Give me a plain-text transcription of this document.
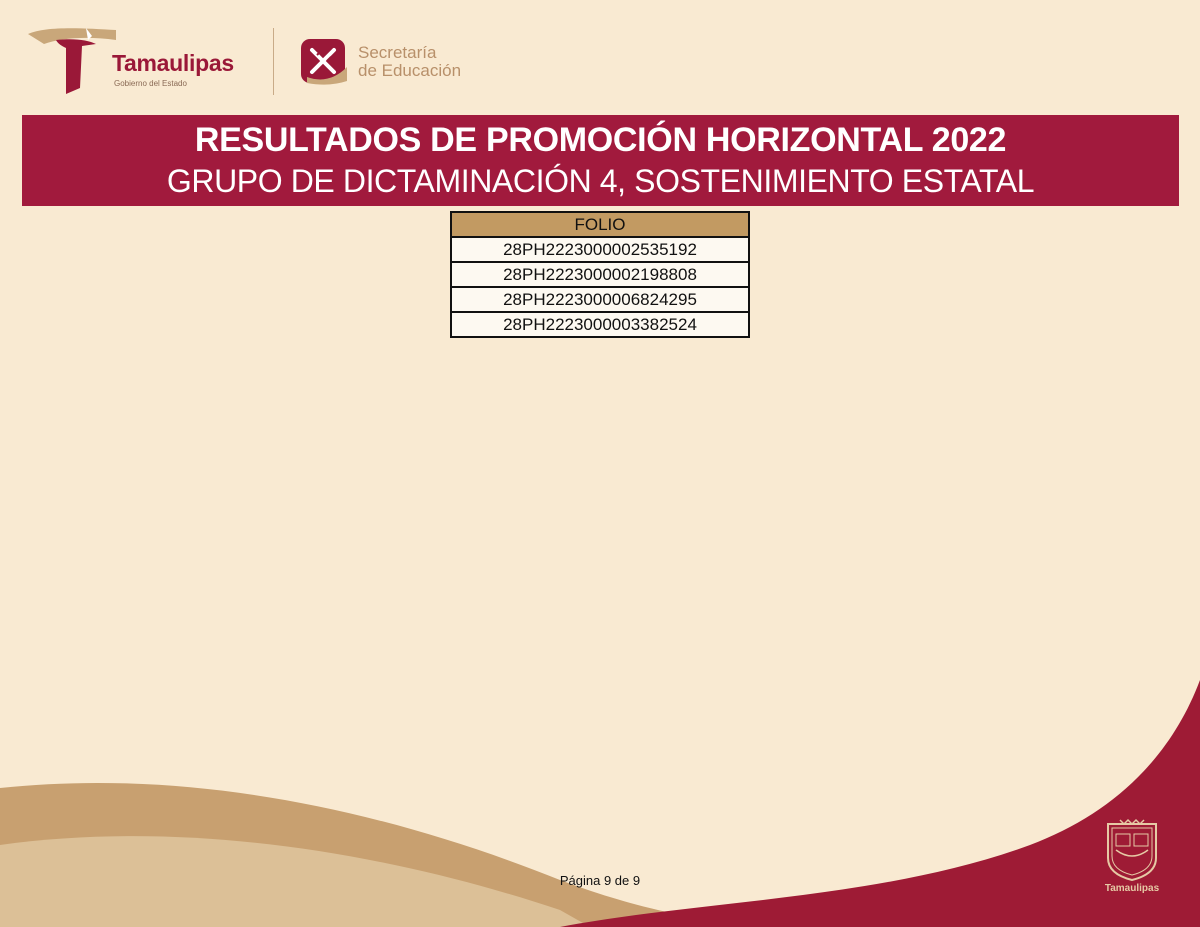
Tamaulipas
Gobierno del Estado
Secretaría
de Educación
RESULTADOS DE PROMOCIÓN HORIZONTAL 2022
GRUPO DE DICTAMINACIÓN 4, SOSTENIMIENTO ESTATAL
FOLIO
28PH2223000002535192
28PH2223000002198808
28PH2223000006824295
28PH2223000003382524
Página 9 de 9
Tamaulipas
